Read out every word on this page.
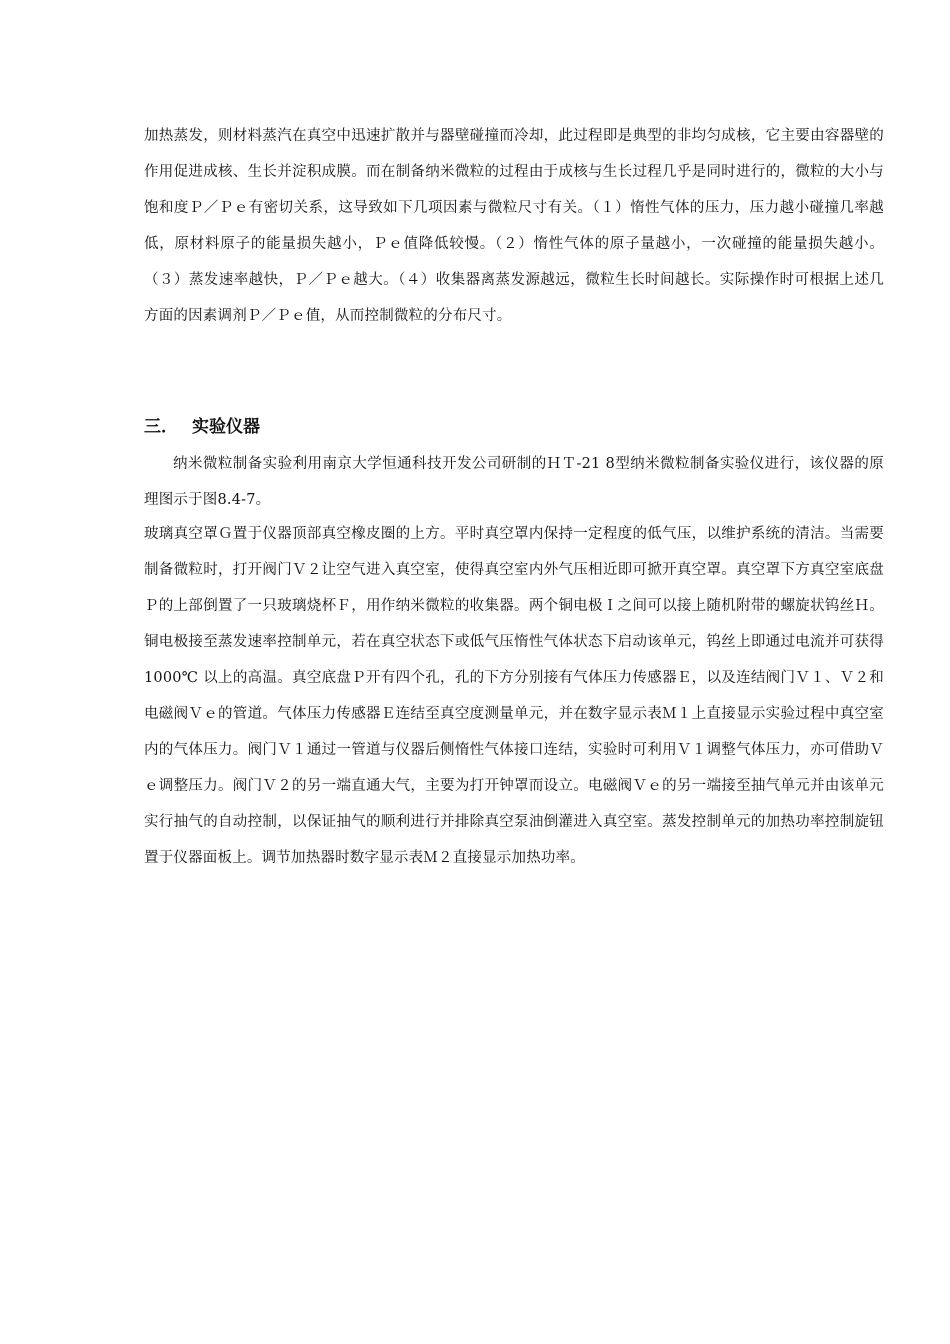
加热蒸发，则材料蒸汽在真空中迅速扩散并与器壁碰撞而冷却，此过程即是典型的非均匀成核，它主要由容器壁的作用促进成核、生长并淀积成膜。而在制备纳米微粒的过程由于成核与生长过程几乎是同时进行的，微粒的大小与饱和度Ｐ／Ｐｅ有密切关系，这导致如下几项因素与微粒尺寸有关。（１）惰性气体的压力，压力越小碰撞几率越低，原材料原子的能量损失越小，Ｐｅ值降低较慢。（２）惰性气体的原子量越小，一次碰撞的能量损失越小。（３）蒸发速率越快，Ｐ／Ｐｅ越大。（４）收集器离蒸发源越远，微粒生长时间越长。实际操作时可根据上述几方面的因素调剂Ｐ／Ｐｅ值，从而控制微粒的分布尺寸。

三． 实验仪器

纳米微粒制备实验利用南京大学恒通科技开发公司研制的ＨＴ-21 8型纳米微粒制备实验仪进行，该仪器的原理图示于图8.4-7。

玻璃真空罩Ｇ置于仪器顶部真空橡皮圈的上方。平时真空罩内保持一定程度的低气压，以维护系统的清洁。当需要制备微粒时，打开阀门Ｖ２让空气进入真空室，使得真空室内外气压相近即可掀开真空罩。真空罩下方真空室底盘Ｐ的上部倒置了一只玻璃烧杯Ｆ，用作纳米微粒的收集器。两个铜电极Ｉ之间可以接上随机附带的螺旋状钨丝Ｈ。铜电极接至蒸发速率控制单元，若在真空状态下或低气压惰性气体状态下启动该单元，钨丝上即通过电流并可获得1000℃ 以上的高温。真空底盘Ｐ开有四个孔，孔的下方分别接有气体压力传感器Ｅ，以及连结阀门Ｖ１、Ｖ２和电磁阀Ｖｅ的管道。气体压力传感器Ｅ连结至真空度测量单元，并在数字显示表Ｍ１上直接显示实验过程中真空室内的气体压力。阀门Ｖ１通过一管道与仪器后侧惰性气体接口连结，实验时可利用Ｖ１调整气体压力，亦可借助Ｖｅ调整压力。阀门Ｖ２的另一端直通大气，主要为打开钟罩而设立。电磁阀Ｖｅ的另一端接至抽气单元并由该单元实行抽气的自动控制，以保证抽气的顺利进行并排除真空泵油倒灌进入真空室。蒸发控制单元的加热功率控制旋钮置于仪器面板上。调节加热器时数字显示表Ｍ２直接显示加热功率。
